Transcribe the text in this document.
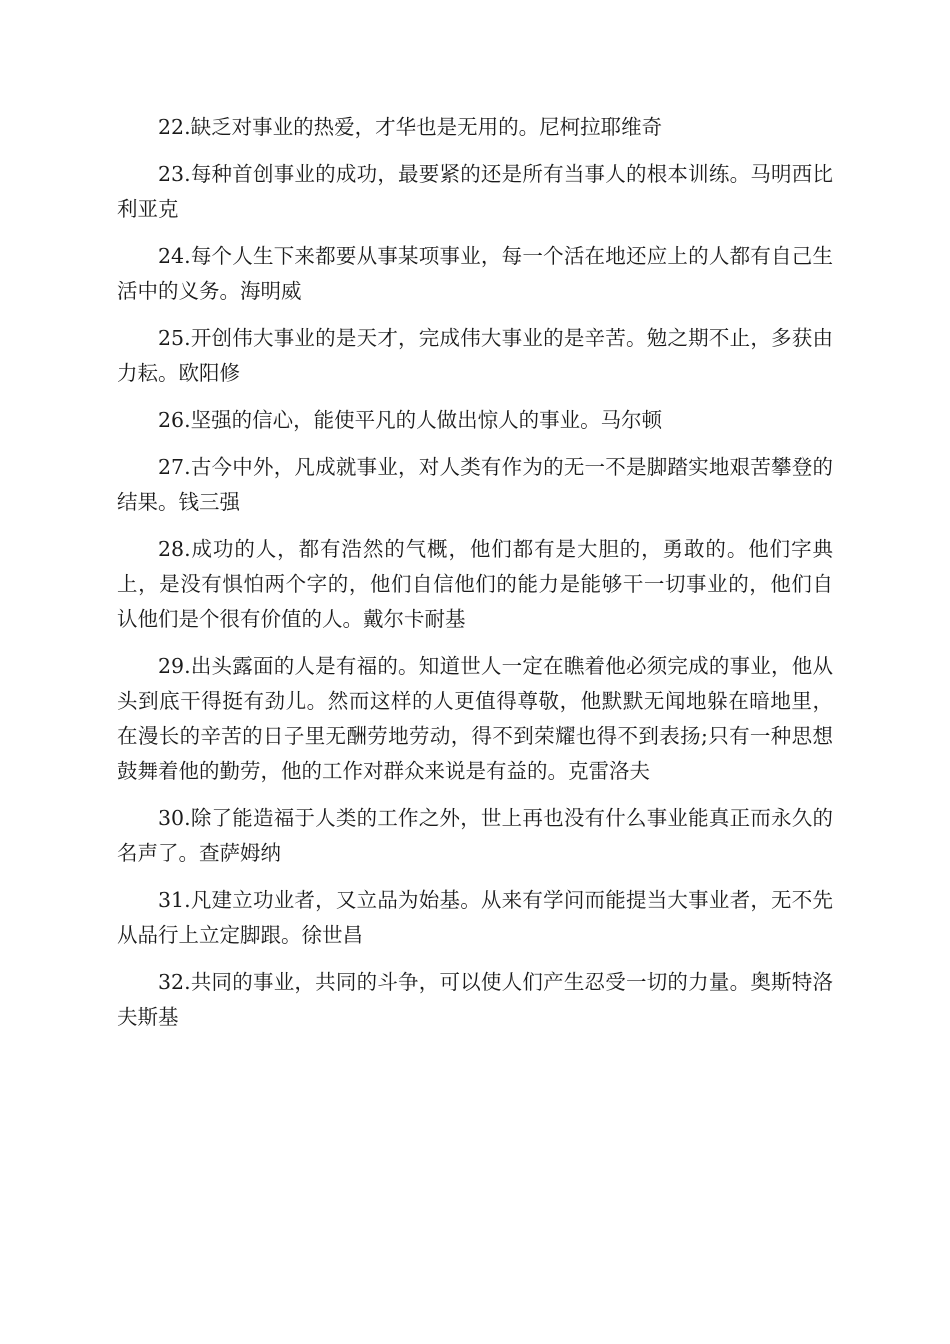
22.缺乏对事业的热爱，才华也是无用的。尼柯拉耶维奇

23.每种首创事业的成功，最要紧的还是所有当事人的根本训练。马明西比利亚克

24.每个人生下来都要从事某项事业，每一个活在地还应上的人都有自己生活中的义务。海明威

25.开创伟大事业的是天才，完成伟大事业的是辛苦。勉之期不止，多获由力耘。欧阳修

26.坚强的信心，能使平凡的人做出惊人的事业。马尔顿

27.古今中外，凡成就事业，对人类有作为的无一不是脚踏实地艰苦攀登的结果。钱三强

28.成功的人，都有浩然的气概，他们都有是大胆的，勇敢的。他们字典上，是没有惧怕两个字的，他们自信他们的能力是能够干一切事业的，他们自认他们是个很有价值的人。戴尔卡耐基

29.出头露面的人是有福的。知道世人一定在瞧着他必须完成的事业，他从头到底干得挺有劲儿。然而这样的人更值得尊敬，他默默无闻地躲在暗地里，在漫长的辛苦的日子里无酬劳地劳动，得不到荣耀也得不到表扬;只有一种思想鼓舞着他的勤劳，他的工作对群众来说是有益的。克雷洛夫

30.除了能造福于人类的工作之外，世上再也没有什么事业能真正而永久的名声了。查萨姆纳

31.凡建立功业者，又立品为始基。从来有学问而能提当大事业者，无不先从品行上立定脚跟。徐世昌

32.共同的事业，共同的斗争，可以使人们产生忍受一切的力量。奥斯特洛夫斯基
